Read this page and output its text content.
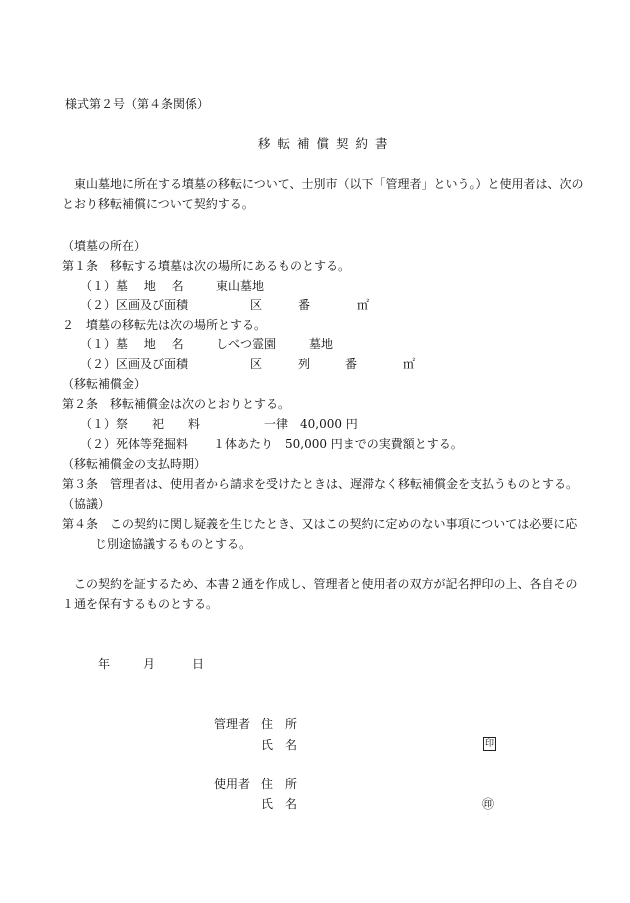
様式第２号（第４条関係）
移転補償契約書
東山墓地に所在する墳墓の移転について、士別市（以下「管理者」という。）と使用者は、次の
とおり移転補償について契約する。
（墳墓の所在）
第１条　移転する墳墓は次の場所にあるものとする。
（１）墓　 地　 名	東山墓地
（２）区画及び面積	区	番	㎡
２　墳墓の移転先は次の場所とする。
（１）墓　 地　 名	しべつ霊園	墓地
（２）区画及び面積	区	列	番	㎡
（移転補償金）
第２条　移転補償金は次のとおりとする。
（１）祭　　祀　　料	一律　40,000 円
（２）死体等発掘料 １体あたり　50,000 円までの実費額とする。
（移転補償金の支払時期）
第３条　管理者は、使用者から請求を受けたときは、遅滞なく移転補償金を支払うものとする。
（協議）
第４条　この契約に関し疑義を生じたとき、又はこの契約に定めのない事項については必要に応
じ別途協議するものとする。
この契約を証するため、本書２通を作成し、管理者と使用者の双方が記名押印の上、各自その
１通を保有するものとする。
年	月	日
管理者 住　所
氏　名	印
使用者 住　所
氏　名	㊞
